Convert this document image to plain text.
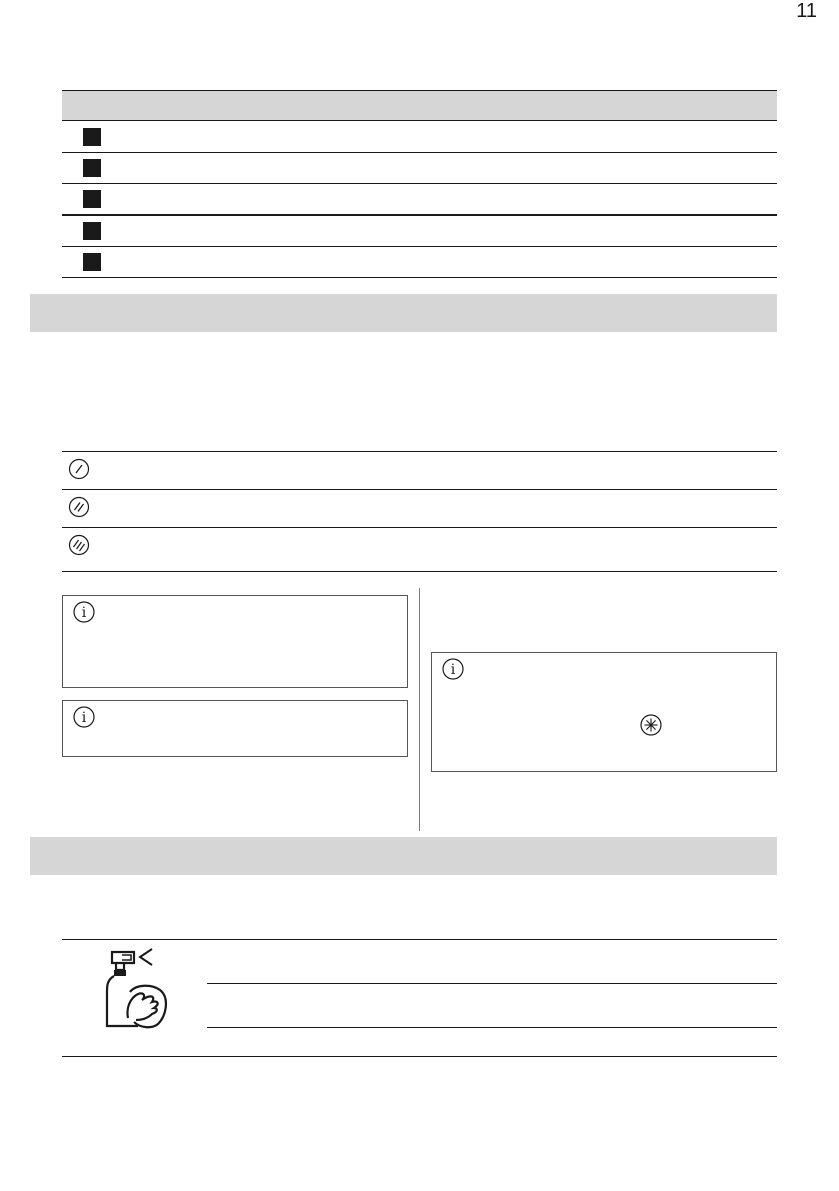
11
i
i
i
